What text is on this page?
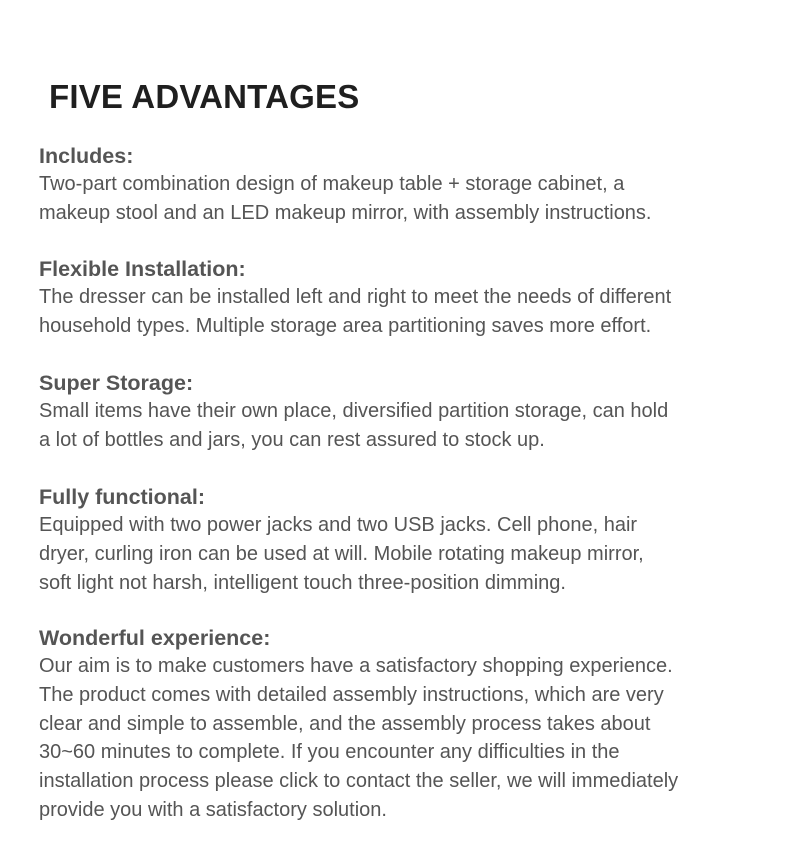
FIVE ADVANTAGES
Includes:

Two-part combination design of makeup table + storage cabinet, a
makeup stool and an LED makeup mirror, with assembly instructions.

Flexible Installation:

The dresser can be installed left and right to meet the needs of different
household types. Multiple storage area partitioning saves more effort.

Super Storage:

Small items have their own place, diversified partition storage, can hold
a lot of bottles and jars, you can rest assured to stock up.

Fully functional:

Equipped with two power jacks and two USB jacks. Cell phone, hair
dryer, curling iron can be used at will. Mobile rotating makeup mirror,
soft light not harsh, intelligent touch three-position dimming.

Wonderful experience:

Our aim is to make customers have a satisfactory shopping experience.
The product comes with detailed assembly instructions, which are very
clear and simple to assemble, and the assembly process takes about
30~60 minutes to complete. If you encounter any difficulties in the
installation process please click to contact the seller, we will immediately
provide you with a satisfactory solution.
